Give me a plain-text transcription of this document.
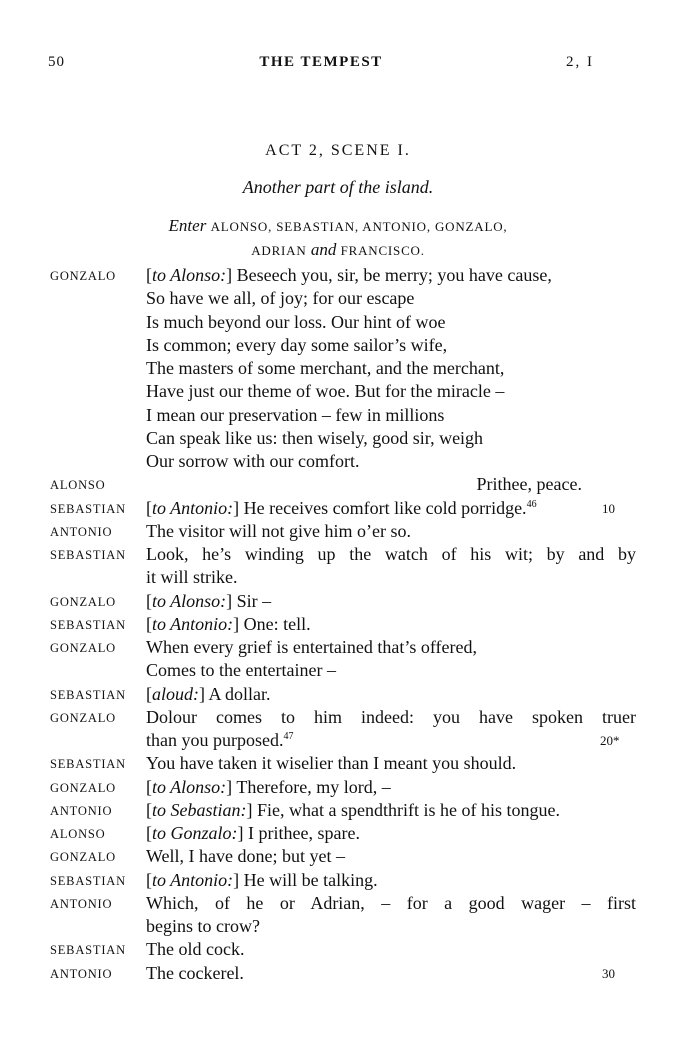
50	THE TEMPEST	2, I
ACT 2, SCENE I.
Another part of the island.
Enter ALONSO, SEBASTIAN, ANTONIO, GONZALO,
ADRIAN and FRANCISCO.
GONZALO [to Alonso:] Beseech you, sir, be merry; you have cause,
So have we all, of joy; for our escape
Is much beyond our loss. Our hint of woe
Is common; every day some sailor’s wife,
The masters of some merchant, and the merchant,
Have just our theme of woe. But for the miracle –
I mean our preservation – few in millions
Can speak like us: then wisely, good sir, weigh
Our sorrow with our comfort.
ALONSO	Prithee, peace.
SEBASTIAN [to Antonio:] He receives comfort like cold porridge.$^{46}$	10
ANTONIO The visitor will not give him o’er so.
SEBASTIAN Look, he’s winding up the watch of his wit; by and by
it will strike.
GONZALO [to Alonso:] Sir –
SEBASTIAN [to Antonio:] One: tell.
GONZALO When every grief is entertained that’s offered,
Comes to the entertainer –
SEBASTIAN [aloud:] A dollar.
GONZALO Dolour comes to him indeed: you have spoken truer
than you purposed.$^{47}$	20*
SEBASTIAN You have taken it wiselier than I meant you should.
GONZALO [to Alonso:] Therefore, my lord, –
ANTONIO [to Sebastian:] Fie, what a spendthrift is he of his tongue.
ALONSO [to Gonzalo:] I prithee, spare.
GONZALO Well, I have done; but yet –
SEBASTIAN [to Antonio:] He will be talking.
ANTONIO Which, of he or Adrian, – for a good wager – first
begins to crow?
SEBASTIAN The old cock.
ANTONIO The cockerel.	30
